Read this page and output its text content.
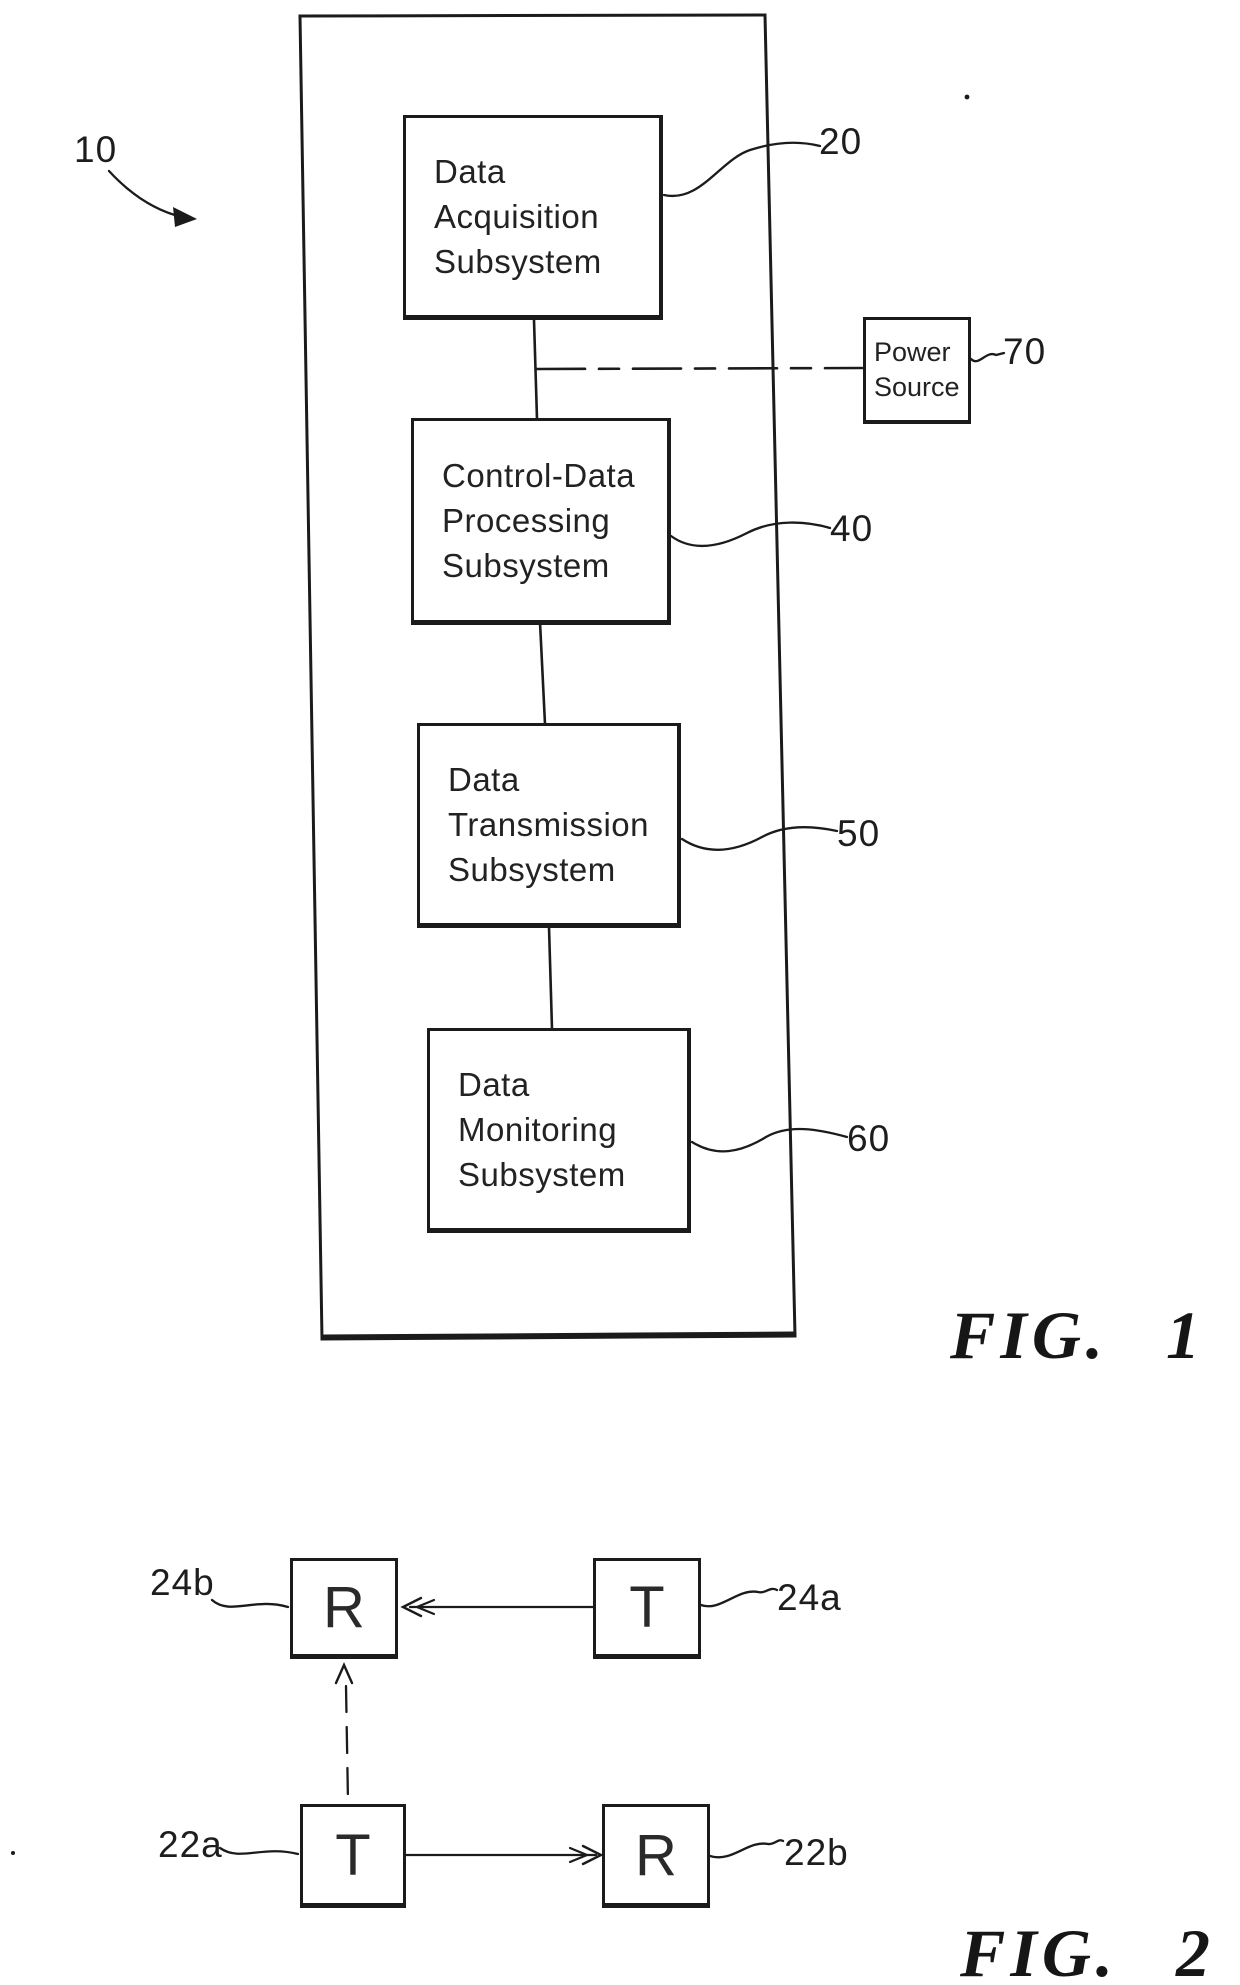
10
Data
Acquisition
Subsystem
20
Power
Source
70
Control-Data
Processing
Subsystem
40
Data
Transmission
Subsystem
50
Data
Monitoring
Subsystem
60
FIG. 1
24b R	T	24a
22a T	R	22b
FIG. 2
